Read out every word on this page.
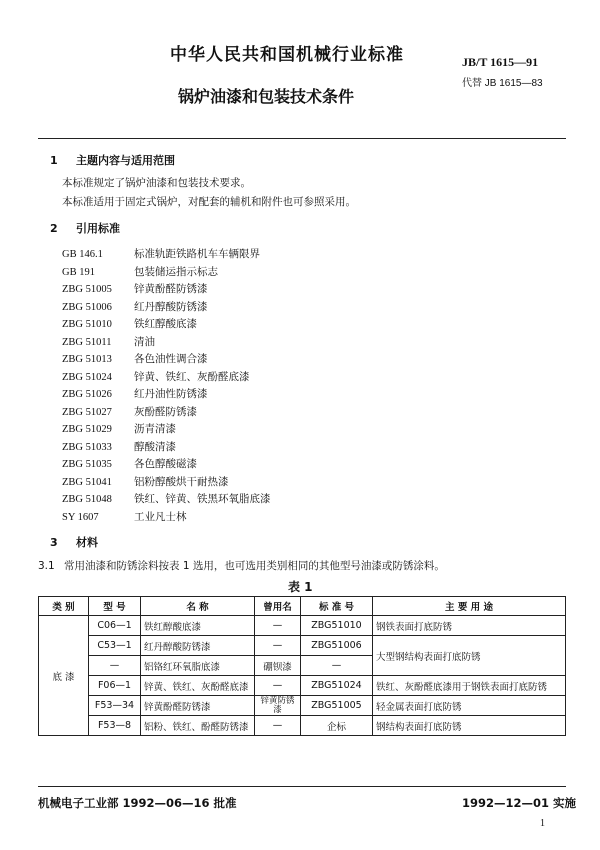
中华人民共和国机械行业标准	JB/T 1615—91
代替 JB 1615—83
锅炉油漆和包装技术条件
1 主题内容与适用范围
本标准规定了锅炉油漆和包装技术要求。
本标准适用于固定式锅炉，对配套的辅机和附件也可参照采用。
2 引用标准
GB 146.1	标准轨距铁路机车车辆限界
GB 191	包装储运指示标志
ZBG 51005 锌黄酚醛防锈漆
ZBG 51006 红丹醇酸防锈漆
ZBG 51010 铁红醇酸底漆
ZBG 51011 清油
ZBG 51013 各色油性调合漆
ZBG 51024 锌黄、铁红、灰酚醛底漆
ZBG 51026 红丹油性防锈漆
ZBG 51027 灰酚醛防锈漆
ZBG 51029 沥青清漆
ZBG 51033 醇酸清漆
ZBG 51035 各色醇酸磁漆
ZBG 51041 铝粉醇酸烘干耐热漆
ZBG 51048 铁红、锌黄、铁黑环氧脂底漆
SY 1607	工业凡士林
3 材料
3.1 常用油漆和防锈涂料按表 1 选用，也可选用类别相同的其他型号油漆或防锈涂料。
表 1
类 别	型 号	名 称	曾用名	标 准 号	主 要 用 途
底 漆	C06—1	铁红醇酸底漆	—	ZBG51010	钢铁表面打底防锈
	C53—1	红丹醇酸防锈漆	—	ZBG51006	大型钢结构表面打底防锈
	—	铝铬红环氧脂底漆	硼钡漆	—	
	F06—1	锌黄、铁红、灰酚醛底漆	—	ZBG51024	铁红、灰酚醛底漆用于钢铁表面打底防锈
	F53—34	锌黄酚醛防锈漆	锌黄防锈漆	ZBG51005	轻金属表面打底防锈
	F53—8	铝粉、铁红、酚醛防锈漆	—	企标	钢结构表面打底防锈
机械电子工业部 1992—06—16 批准	1992—12—01 实施
1
